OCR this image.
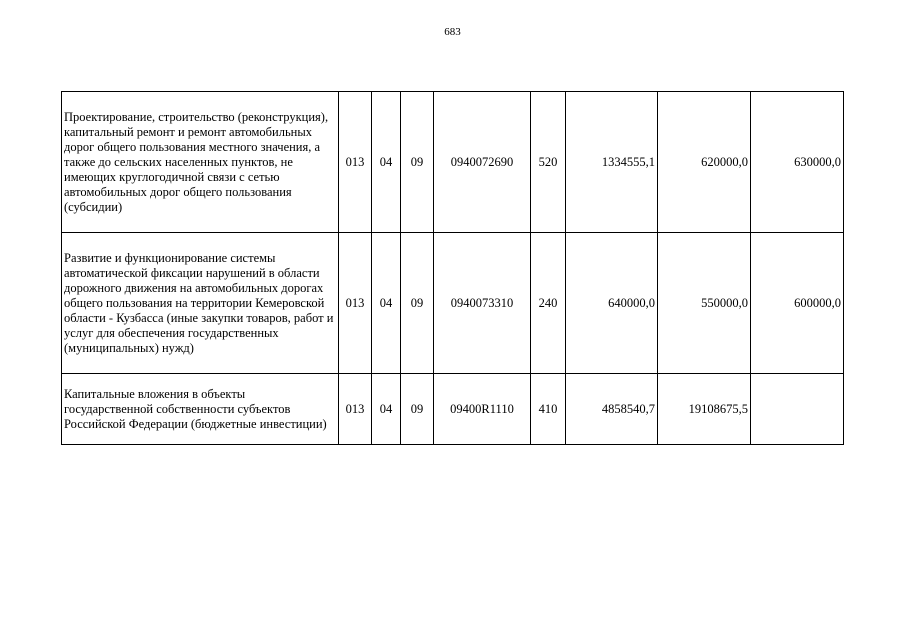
683
Проектирование, строительство (реконструкция), капитальный ремонт и ремонт автомобильных дорог общего пользования местного значения, а также до сельских населенных пунктов, не имеющих круглогодичной связи с сетью автомобильных дорог общего пользования (субсидии)	013	04	09	0940072690	520	1334555,1	620000,0	630000,0
Развитие и функционирование системы автоматической фиксации нарушений в области дорожного движения на автомобильных дорогах общего пользования на территории Кемеровской области - Кузбасса (иные закупки товаров, работ и услуг для обеспечения государственных (муниципальных) нужд)	013	04	09	0940073310	240	640000,0	550000,0	600000,0
Капитальные вложения в объекты государственной собственности субъектов Российской Федерации (бюджетные инвестиции)	013	04	09	09400R1110	410	4858540,7	19108675,5	
